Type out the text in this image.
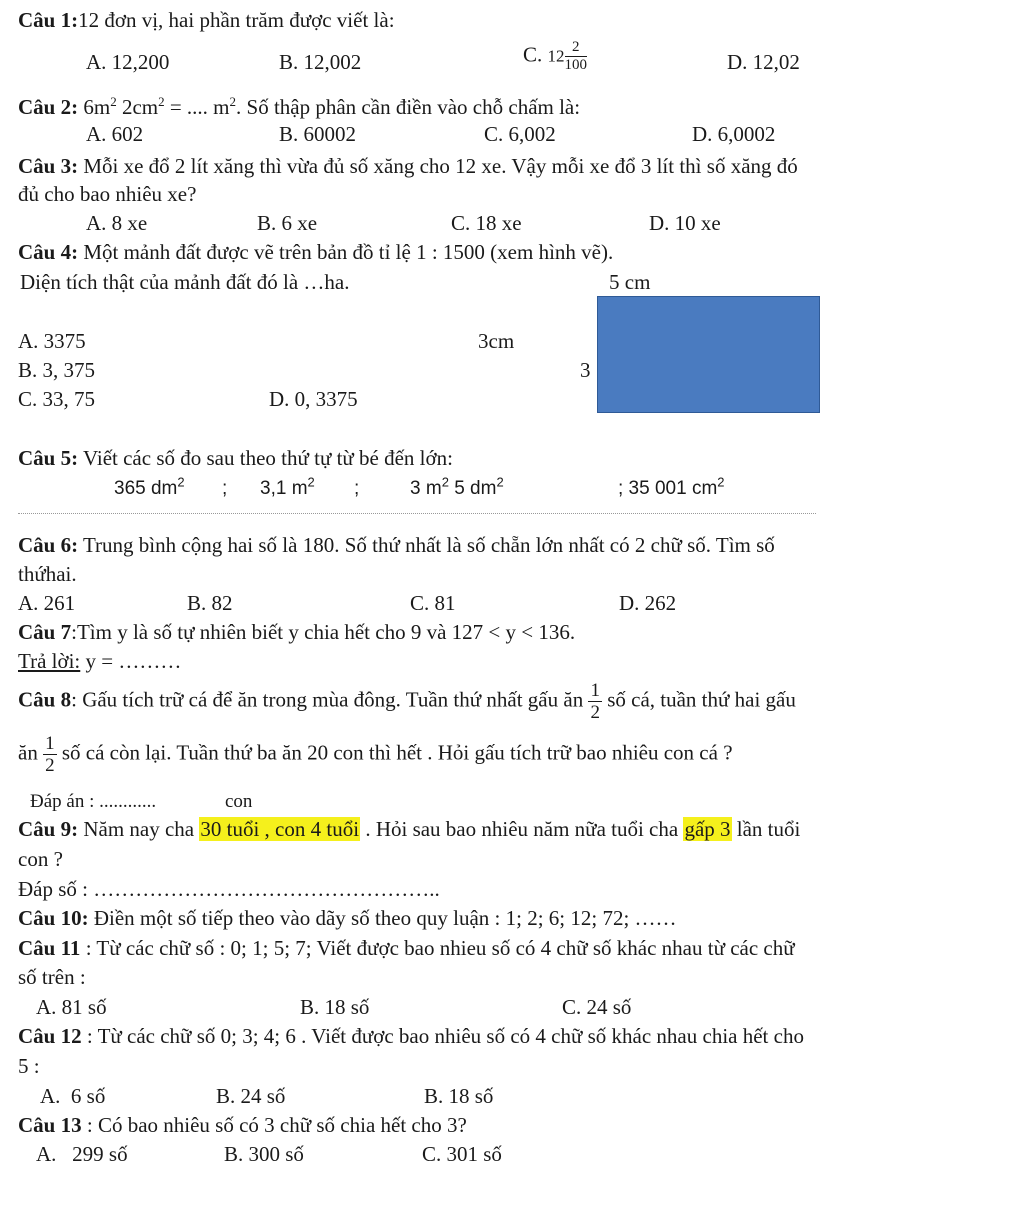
Câu 1:12 đơn vị, hai phần trăm được viết là:
A. 12,200	B. 12,002	C. $12 \frac{2}{100}$	D. 12,02
Câu 2: $6m^2$ $2cm^2$ = .... $m^2$. Số thập phân cần điền vào chỗ chấm là:
A. 602	B. 60002	C. 6,002	D. 6,0002
Câu 3: Mỗi xe đổ 2 lít xăng thì vừa đủ số xăng cho 12 xe. Vậy mỗi xe đổ 3 lít thì số xăng đó
đủ cho bao nhiêu xe?
A. 8 xe	B. 6 xe	C. 18 xe	D. 10 xe
Câu 4: Một mảnh đất được vẽ trên bản đồ tỉ lệ 1 : 1500 (xem hình vẽ).
Diện tích thật của mảnh đất đó là …ha.	5 cm
3cm
3
A. 3375
B. 3, 375
C. 33, 75	D. 0, 3375
Câu 5: Viết các số đo sau theo thứ tự từ bé đến lớn:
365 $dm^2$ ; 3,1 $m^2$ ;	3 $m^2$ 5 $dm^2$	; 35 001 $cm^2$
Câu 6: Trung bình cộng hai số là 180. Số thứ nhất là số chẵn lớn nhất có 2 chữ số. Tìm số
thứhai.
A. 261	B. 82	C. 81	D. 262
Câu 7:Tìm y là số tự nhiên biết y chia hết cho 9 và 127 < y < 136.
Trả lời: y = ………
Câu 8: Gấu tích trữ cá để ăn trong mùa đông. Tuần thứ nhất gấu ăn $\frac{1}{2}$ số cá, tuần thứ hai gấu
ăn $\frac{1}{2}$ số cá còn lại. Tuần thứ ba ăn 20 con thì hết . Hỏi gấu tích trữ bao nhiêu con cá ?
Đáp án : ............	con
Câu 9: Năm nay cha 30 tuổi , con 4 tuổi . Hỏi sau bao nhiêu năm nữa tuổi cha gấp 3 lần tuổi
con ?
Đáp số : …………………………………………..
Câu 10: Điền một số tiếp theo vào dãy số theo quy luận : 1; 2; 6; 12; 72; ……
Câu 11 : Từ các chữ số : 0; 1; 5; 7; Viết được bao nhieu số có 4 chữ số khác nhau từ các chữ
số trên :
A. 81 số	B. 18 số	C. 24 số
Câu 12 : Từ các chữ số 0; 3; 4; 6 . Viết được bao nhiêu số có 4 chữ số khác nhau chia hết cho
5 :
A.  6 số	B. 24 số	B. 18 số
Câu 13 : Có bao nhiêu số có 3 chữ số chia hết cho 3?
A.   299 số	B. 300 số	C. 301 số
